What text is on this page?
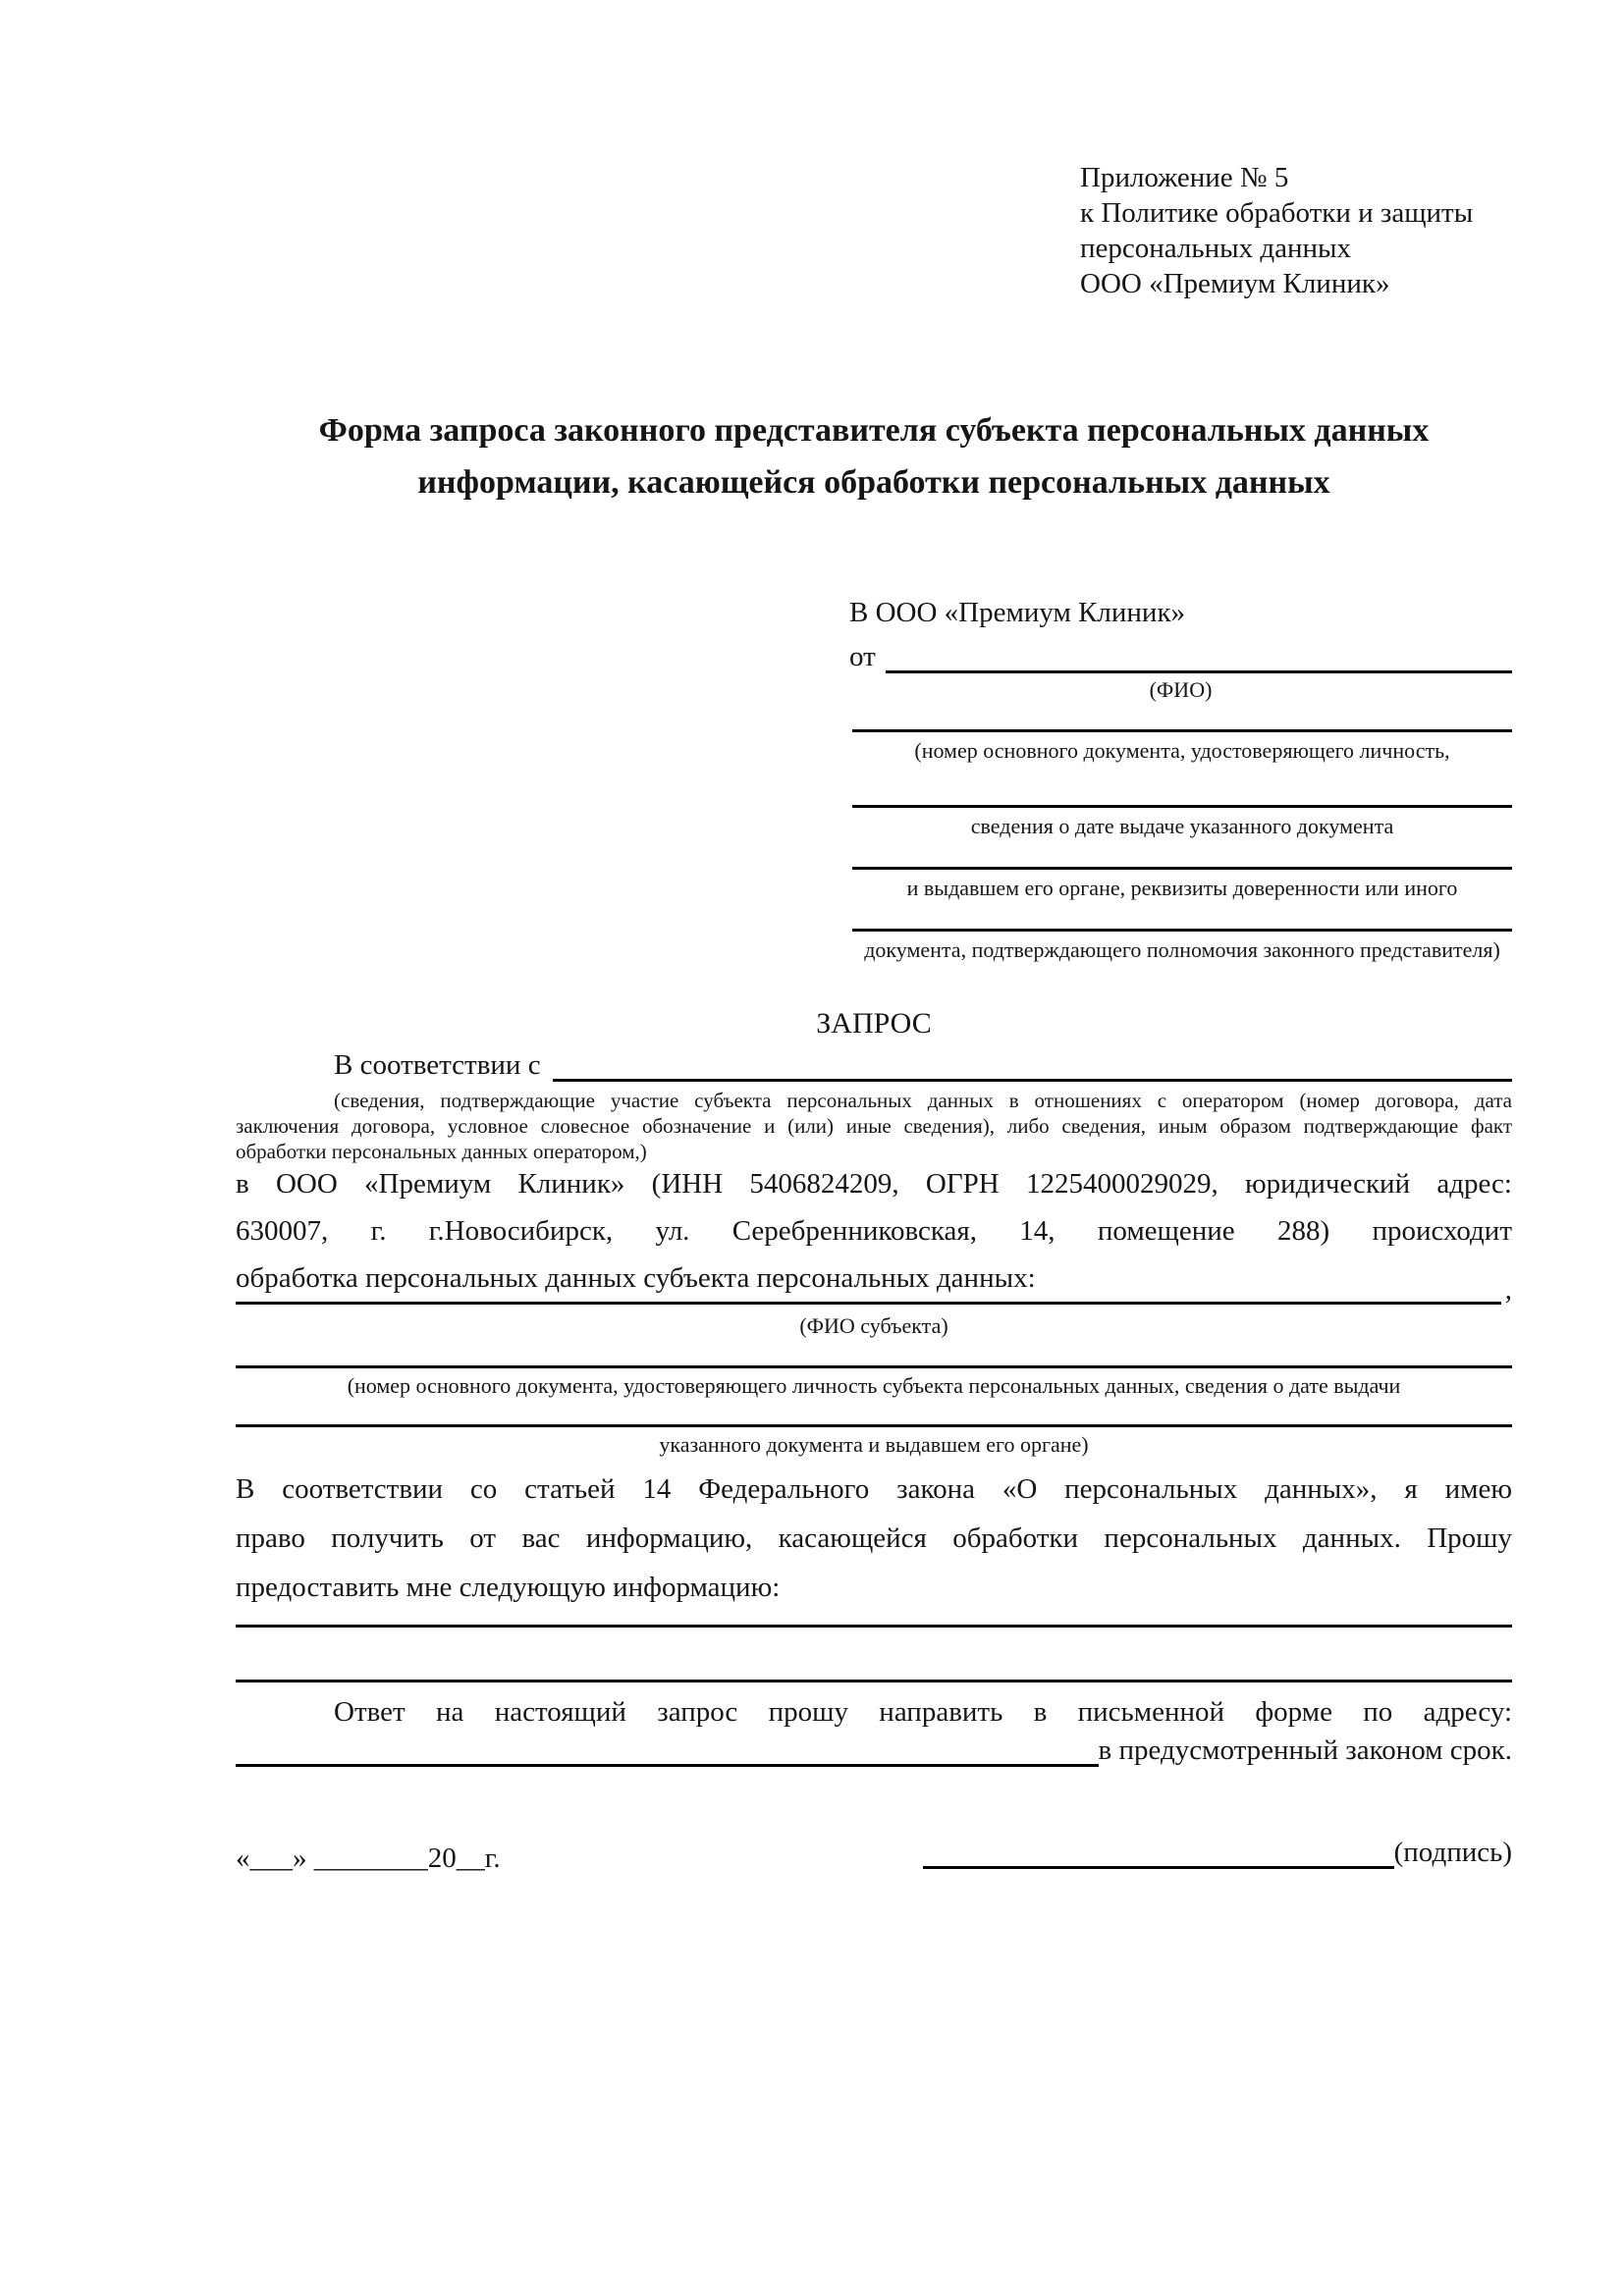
Приложение № 5
к Политике обработки и защиты
персональных данных
ООО «Премиум Клиник»
Форма запроса законного представителя субъекта персональных данных
информации, касающейся обработки персональных данных
В ООО «Премиум Клиник»
от
(ФИО)
(номер основного документа, удостоверяющего личность,
сведения о дате выдаче указанного документа
и выдавшем его органе, реквизиты доверенности или иного
документа, подтверждающего полномочия законного представителя)
ЗАПРОС
В соответствии с
(сведения, подтверждающие участие субъекта персональных данных в отношениях с оператором (номер договора, дата
заключения договора, условное словесное обозначение и (или) иные сведения), либо сведения, иным образом подтверждающие факт
обработки персональных данных оператором,)
в ООО «Премиум Клиник» (ИНН 5406824209, ОГРН 1225400029029, юридический адрес:
630007, г. г.Новосибирск, ул. Серебренниковская, 14, помещение 288) происходит
обработка персональных данных субъекта персональных данных:	,
(ФИО субъекта)
(номер основного документа, удостоверяющего личность субъекта персональных данных, сведения о дате выдачи
указанного документа и выдавшем его органе)
В соответствии со статьей 14 Федерального закона «О персональных данных», я имею
право получить от вас информацию, касающейся обработки персональных данных. Прошу
предоставить мне следующую информацию:
Ответ на настоящий запрос прошу направить в письменной форме по адресу:
в предусмотренный законом срок.
«___» ________20__г.	(подпись)
